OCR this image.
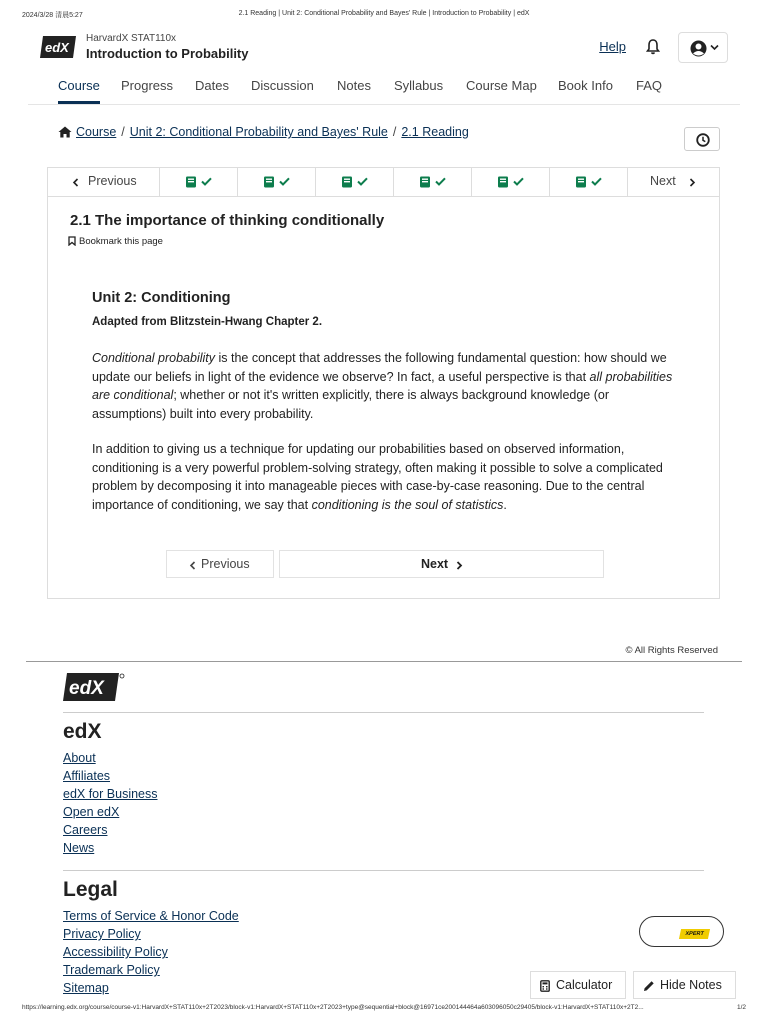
2024/3/28 清晨5:27	2.1 Reading | Unit 2: Conditional Probability and Bayes' Rule | Introduction to Probability | edX
edX
HarvardX STAT110x
Introduction to Probability	Help
Course Progress Dates Discussion Notes Syllabus Course Map Book Info FAQ
Course / Unit 2: Conditional Probability and Bayes' Rule / 2.1 Reading
Previous	Next
2.1 The importance of thinking conditionally
Bookmark this page
Unit 2: Conditioning
Adapted from Blitzstein-Hwang Chapter 2.

Conditional probability is the concept that addresses the following fundamental question: how should we update our beliefs in light of the evidence we observe? In fact, a useful perspective is that all probabilities are conditional; whether or not it's written explicitly, there is always background knowledge (or assumptions) built into every probability.

In addition to giving us a technique for updating our probabilities based on observed information, conditioning is a very powerful problem-solving strategy, often making it possible to solve a complicated problem by decomposing it into manageable pieces with case-by-case reasoning. Due to the central importance of conditioning, we say that conditioning is the soul of statistics.

Previous	Next
© All Rights Reserved
edX
edX
About
Affiliates
edX for Business
Open edX
Careers
News
Legal
Terms of Service & Honor Code
Privacy Policy
Accessibility Policy
Trademark Policy
Sitemap
XPERT
Calculator	Hide Notes
https://learning.edx.org/course/course-v1:HarvardX+STAT110x+2T2023/block-v1:HarvardX+STAT110x+2T2023+type@sequential+block@16971ce200144464a603096050c29405/block-v1:HarvardX+STAT110x+2T2...	1/2
